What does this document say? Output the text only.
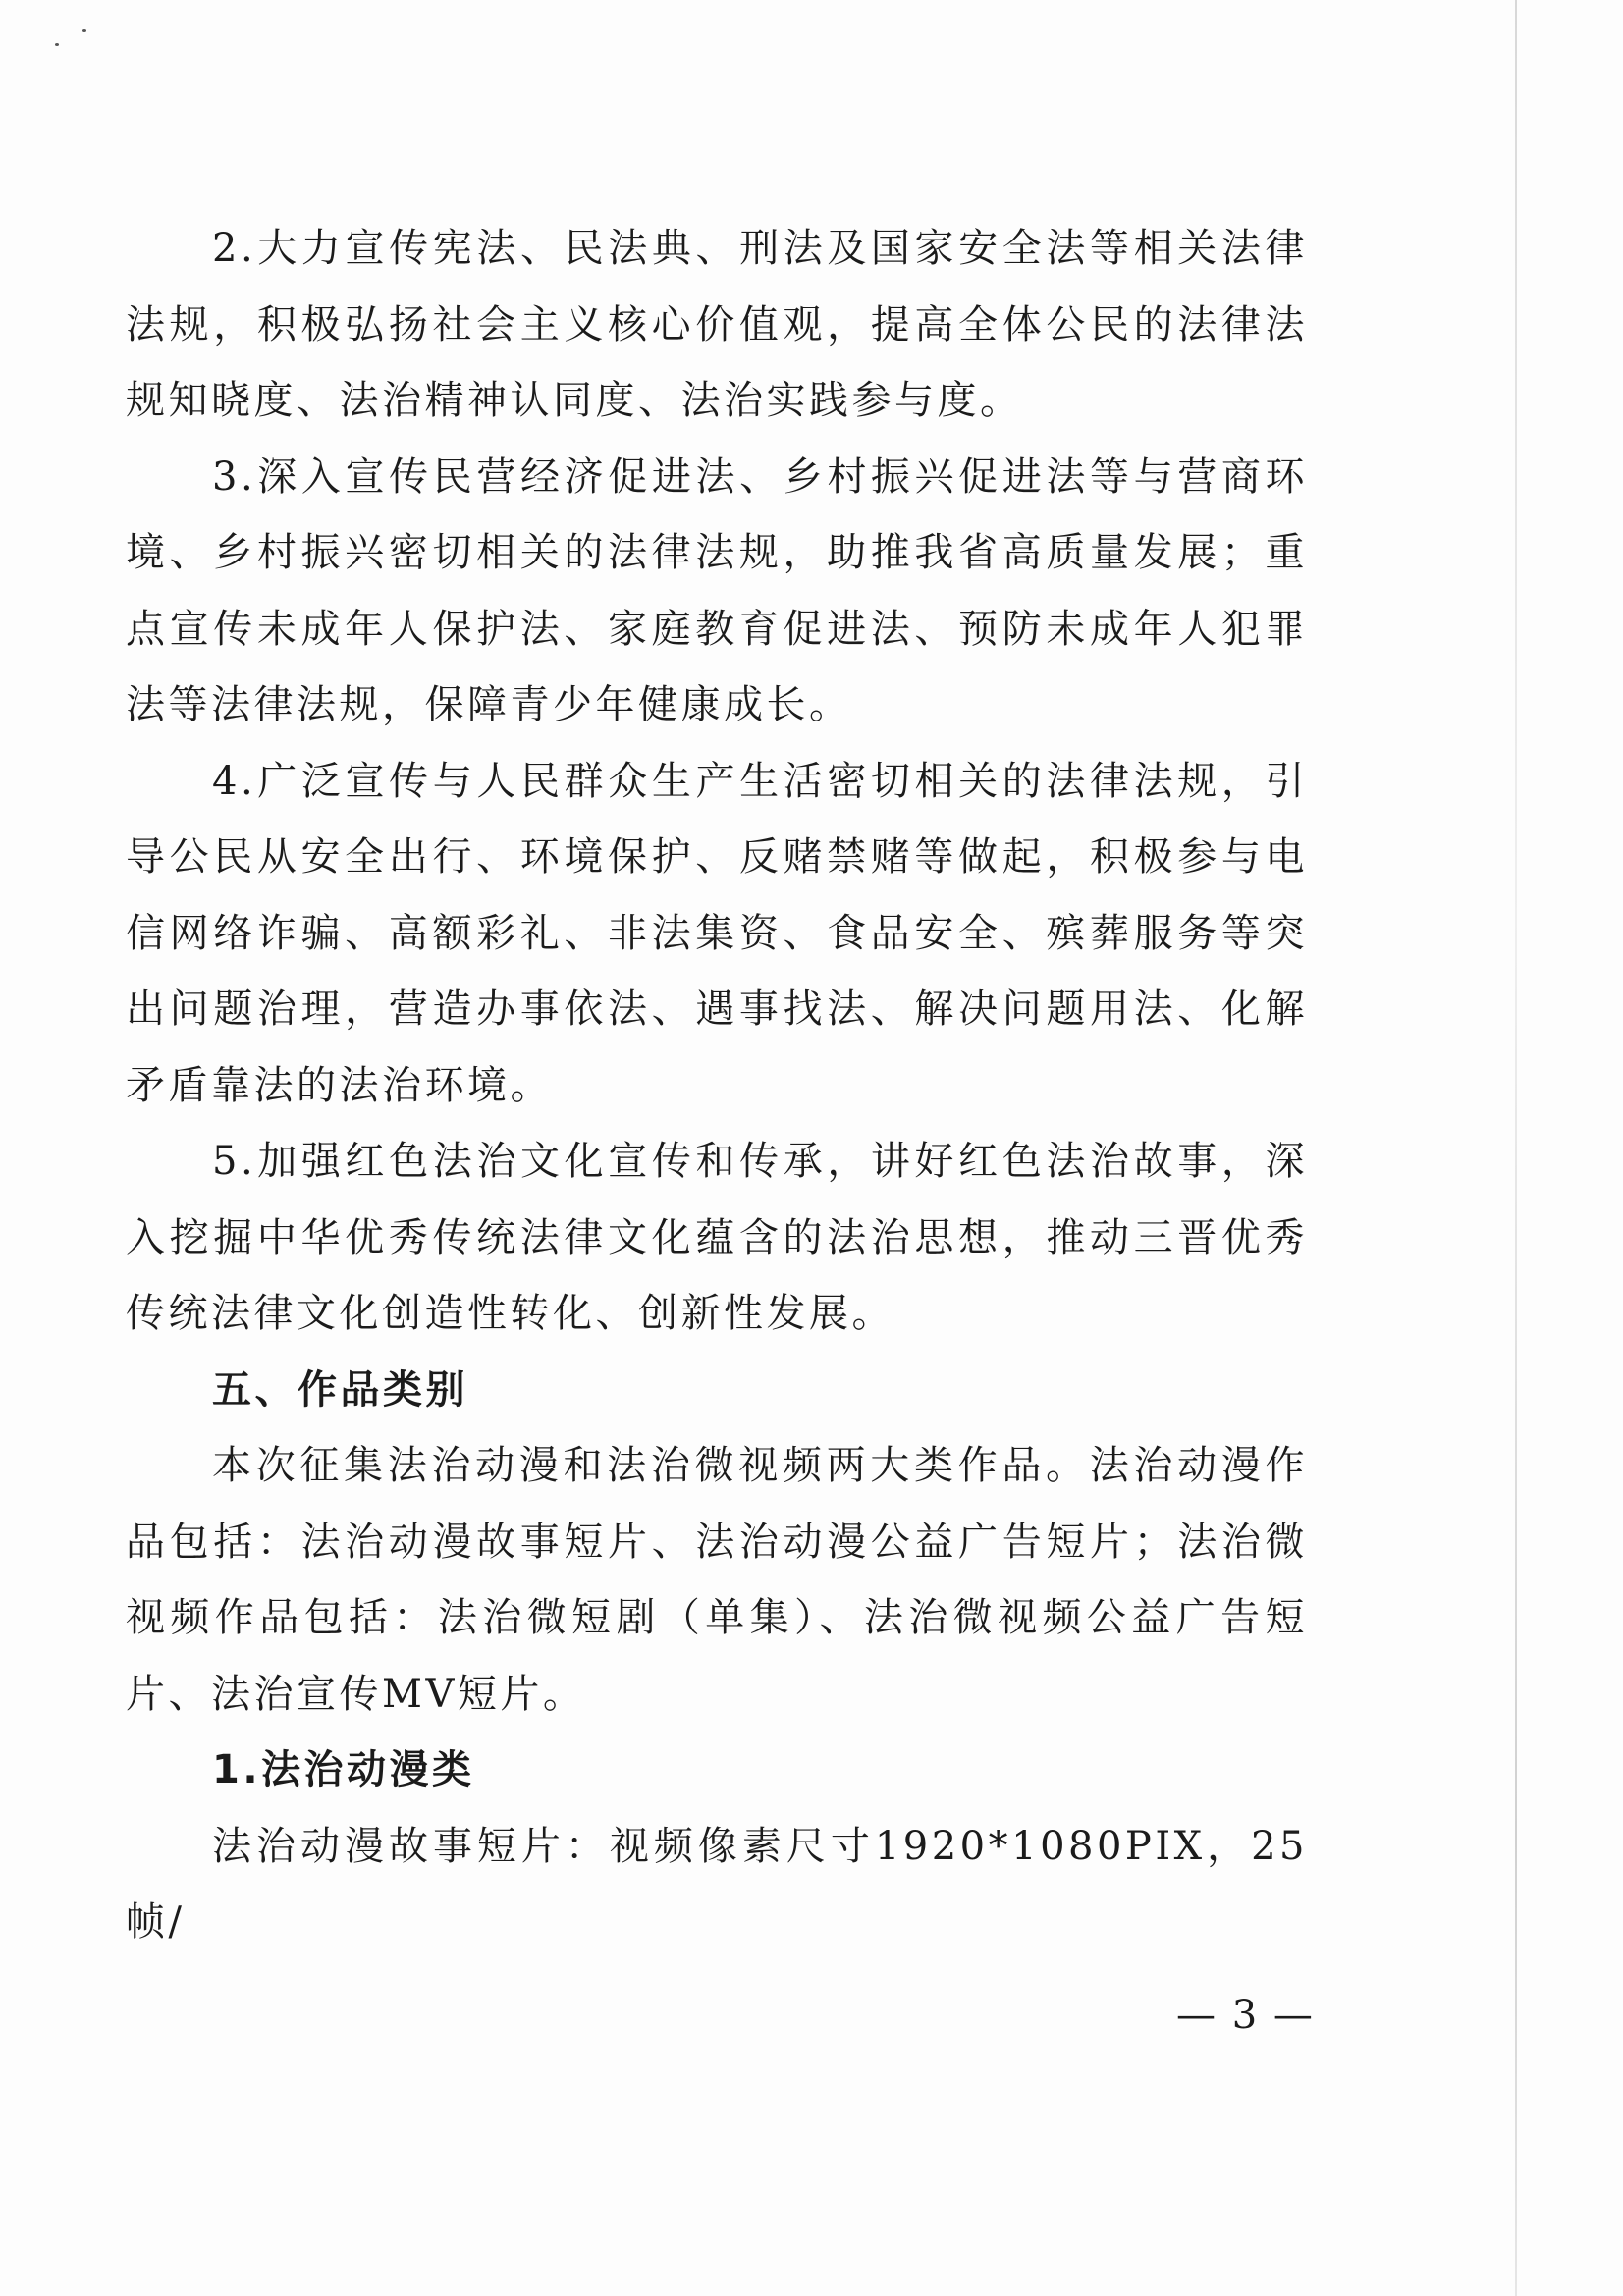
2.大力宣传宪法、民法典、刑法及国家安全法等相关法律法规，积极弘扬社会主义核心价值观，提高全体公民的法律法规知晓度、法治精神认同度、法治实践参与度。

3.深入宣传民营经济促进法、乡村振兴促进法等与营商环境、乡村振兴密切相关的法律法规，助推我省高质量发展；重点宣传未成年人保护法、家庭教育促进法、预防未成年人犯罪法等法律法规，保障青少年健康成长。

4.广泛宣传与人民群众生产生活密切相关的法律法规，引导公民从安全出行、环境保护、反赌禁赌等做起，积极参与电信网络诈骗、高额彩礼、非法集资、食品安全、殡葬服务等突出问题治理，营造办事依法、遇事找法、解决问题用法、化解矛盾靠法的法治环境。

5.加强红色法治文化宣传和传承，讲好红色法治故事，深入挖掘中华优秀传统法律文化蕴含的法治思想，推动三晋优秀传统法律文化创造性转化、创新性发展。

五、作品类别

本次征集法治动漫和法治微视频两大类作品。法治动漫作品包括：法治动漫故事短片、法治动漫公益广告短片；法治微视频作品包括：法治微短剧（单集）、法治微视频公益广告短片、法治宣传MV短片。

1.法治动漫类

法治动漫故事短片：视频像素尺寸1920*1080PIX，25帧/

— 3 —
